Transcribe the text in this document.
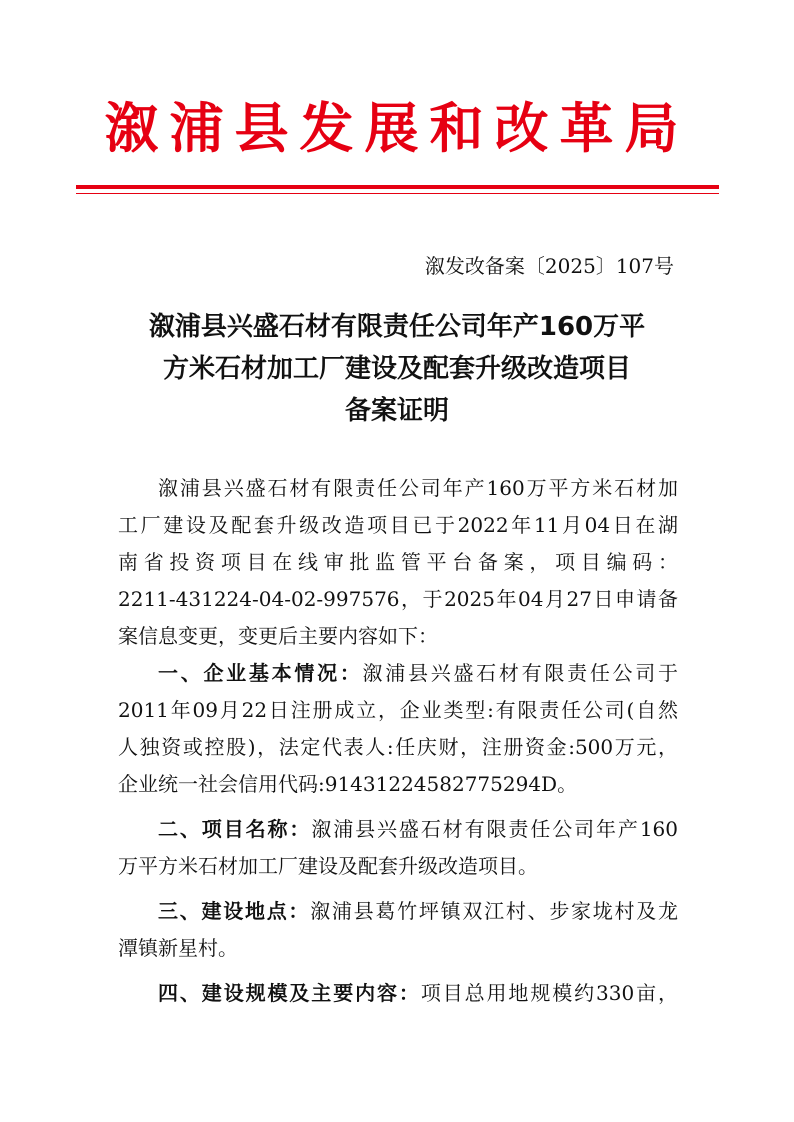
溆浦县发展和改革局
溆发改备案〔2025〕107号
溆浦县兴盛石材有限责任公司年产160万平
方米石材加工厂建设及配套升级改造项目
备案证明
溆浦县兴盛石材有限责任公司年产160万平方米石材加
工厂建设及配套升级改造项目已于2022年11月04日在湖
南省投资项目在线审批监管平台备案，项目编码：
2211-431224-04-02-997576，于2025年04月27日申请备
案信息变更，变更后主要内容如下：
一、企业基本情况：溆浦县兴盛石材有限责任公司于
2011年09月22日注册成立，企业类型:有限责任公司(自然
人独资或控股)，法定代表人:任庆财，注册资金:500万元，
企业统一社会信用代码:91431224582775294D。
二、项目名称：溆浦县兴盛石材有限责任公司年产160
万平方米石材加工厂建设及配套升级改造项目。
三、建设地点：溆浦县葛竹坪镇双江村、步家垅村及龙
潭镇新星村。
四、建设规模及主要内容：项目总用地规模约330亩，
